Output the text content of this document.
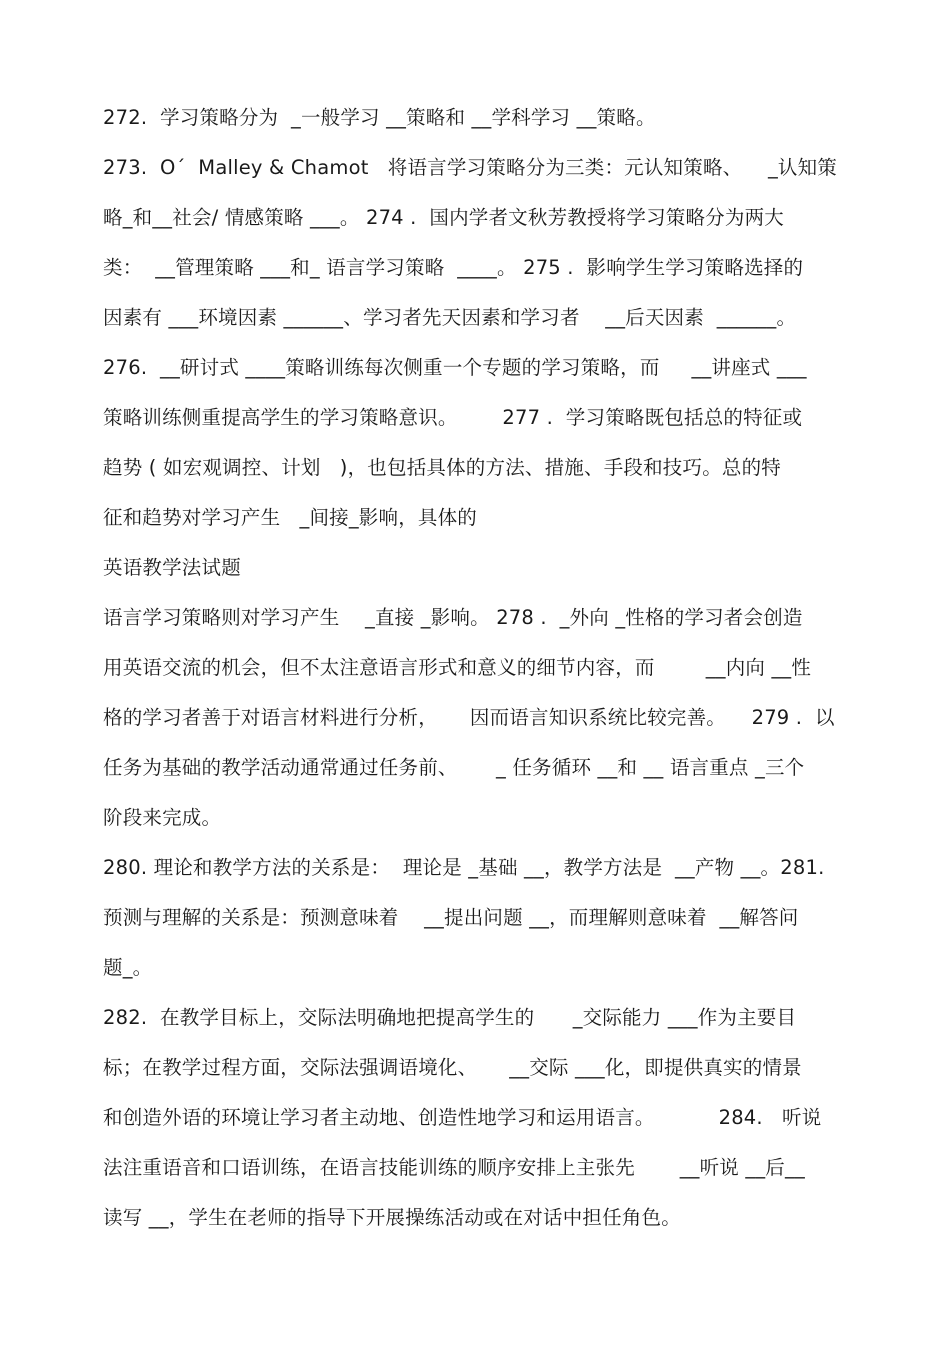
272.  学习策略分为  _一般学习 __策略和 __学科学习 __策略。
273.  Oˊ  Malley & Chamot   将语言学习策略分为三类：元认知策略、    _认知策
略_和__社会/ 情感策略 ___。 274 .  国内学者文秋芳教授将学习策略分为两大
类：  __管理策略 ___和_ 语言学习策略  ____。 275 .  影响学生学习策略选择的
因素有 ___环境因素 ______、学习者先天因素和学习者    __后天因素  ______。
276.  __研讨式 ____策略训练每次侧重一个专题的学习策略，而     __讲座式 ___
策略训练侧重提高学生的学习策略意识。       277 .  学习策略既包括总的特征或
趋势 ( 如宏观调控、计划   )，也包括具体的方法、措施、手段和技巧。总的特
征和趋势对学习产生   _间接_影响，具体的
英语教学法试题
语言学习策略则对学习产生    _直接 _影响。 278 .  _外向 _性格的学习者会创造
用英语交流的机会，但不太注意语言形式和意义的细节内容，而        __内向 __性
格的学习者善于对语言材料进行分析，     因而语言知识系统比较完善。    279 .  以
任务为基础的教学活动通常通过任务前、      _ 任务循环 __和 __ 语言重点 _三个
阶段来完成。
280. 理论和教学方法的关系是：  理论是 _基础 __，教学方法是  __产物 __。281.
预测与理解的关系是：预测意味着    __提出问题 __，而理解则意味着  __解答问
题_。
282.  在教学目标上，交际法明确地把提高学生的      _交际能力 ___作为主要目
标；在教学过程方面，交际法强调语境化、     __交际 ___化，即提供真实的情景
和创造外语的环境让学习者主动地、创造性地学习和运用语言。          284.   听说
法注重语音和口语训练，在语言技能训练的顺序安排上主张先       __听说 __后__
读写 __，学生在老师的指导下开展操练活动或在对话中担任角色。
